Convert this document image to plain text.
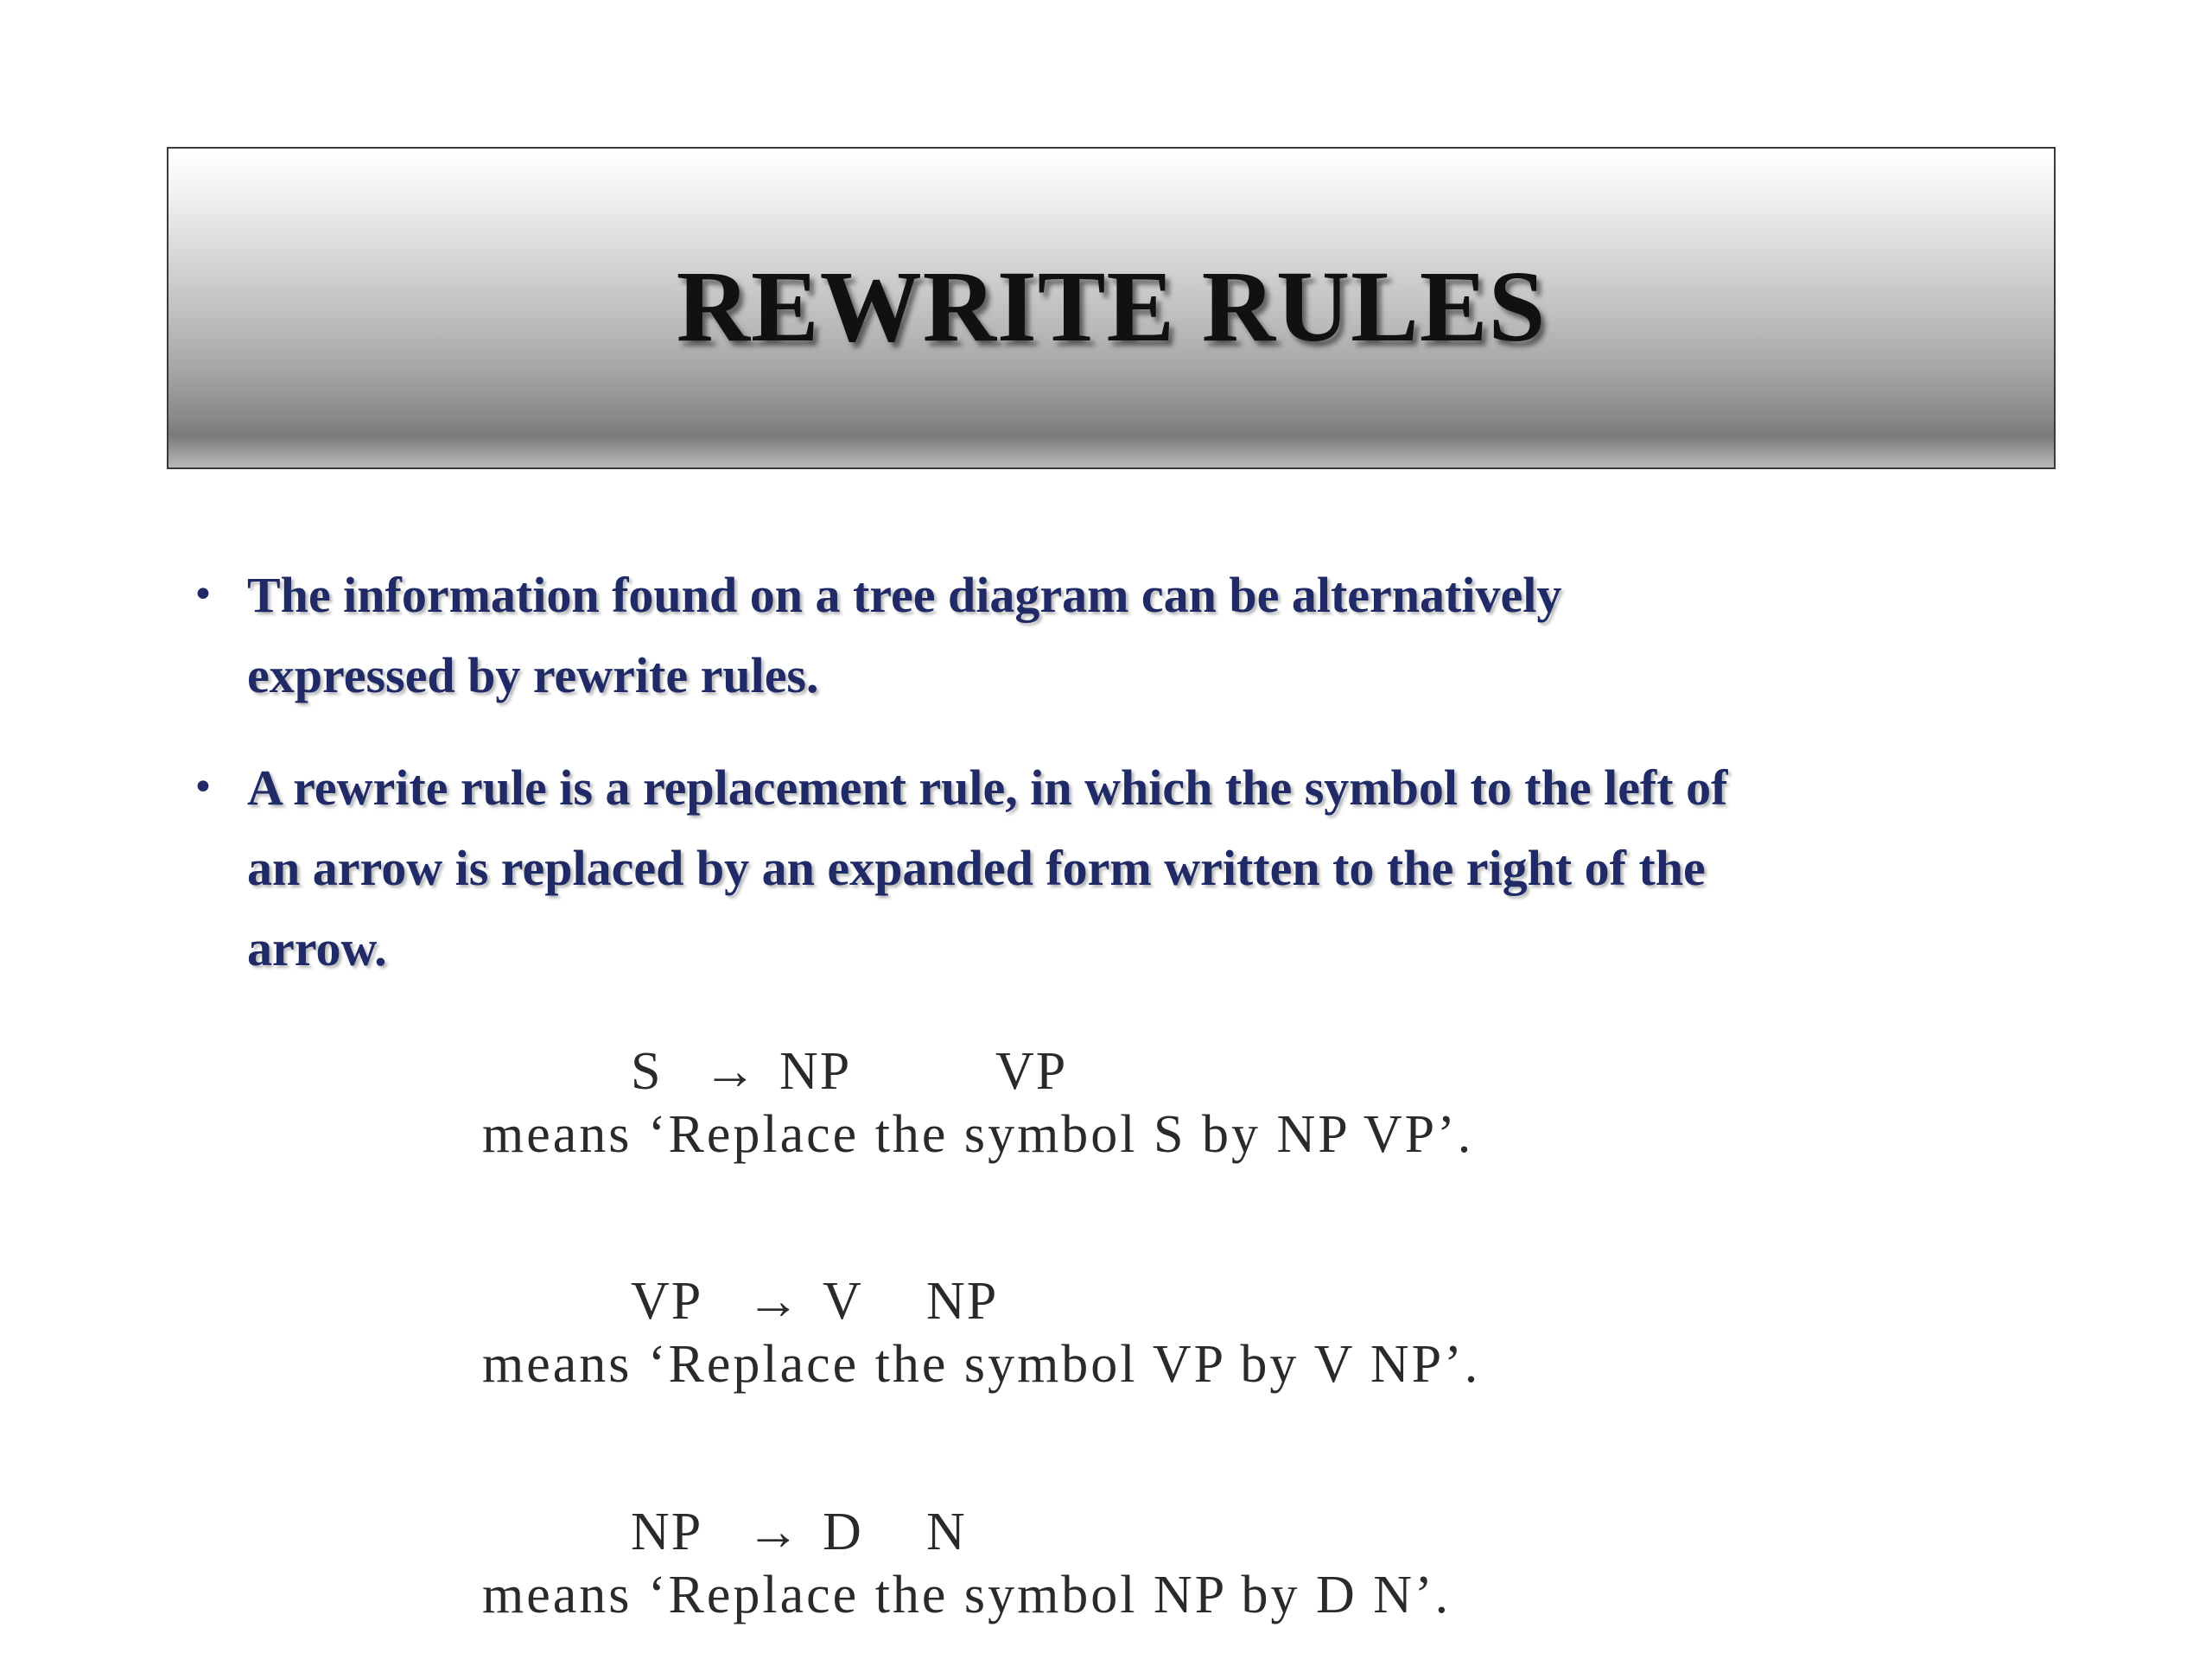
REWRITE RULES
• The information found on a tree diagram can be alternatively
expressed by rewrite rules.
• A rewrite rule is a replacement rule, in which the symbol to the left of
an arrow is replaced by an expanded form written to the right of the
arrow.

S → NP	VP

means ‘Replace the symbol S by NP VP’.

VP → V NP

means ‘Replace the symbol VP by V NP’.

NP → D N

means ‘Replace the symbol NP by D N’.
